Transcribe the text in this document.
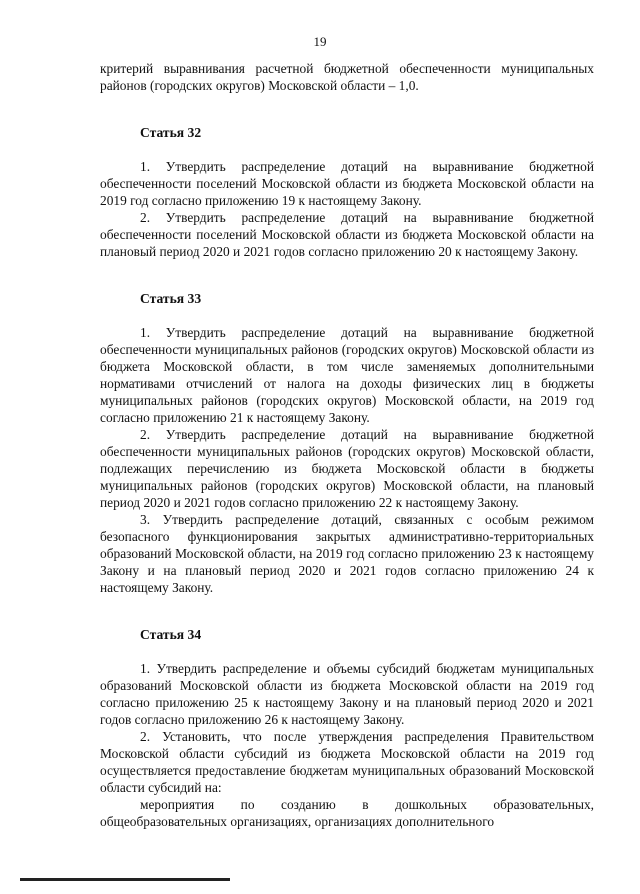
19

критерий выравнивания расчетной бюджетной обеспеченности муниципальных районов (городских округов) Московской области – 1,0.

Статья 32

1. Утвердить распределение дотаций на выравнивание бюджетной обеспеченности поселений Московской области из бюджета Московской области на 2019 год согласно приложению 19 к настоящему Закону.

2. Утвердить распределение дотаций на выравнивание бюджетной обеспеченности поселений Московской области из бюджета Московской области на плановый период 2020 и 2021 годов согласно приложению 20 к настоящему Закону.

Статья 33

1. Утвердить распределение дотаций на выравнивание бюджетной обеспеченности муниципальных районов (городских округов) Московской области из бюджета Московской области, в том числе заменяемых дополнительными нормативами отчислений от налога на доходы физических лиц в бюджеты муниципальных районов (городских округов) Московской области, на 2019 год согласно приложению 21 к настоящему Закону.

2. Утвердить распределение дотаций на выравнивание бюджетной обеспеченности муниципальных районов (городских округов) Московской области, подлежащих перечислению из бюджета Московской области в бюджеты муниципальных районов (городских округов) Московской области, на плановый период 2020 и 2021 годов согласно приложению 22 к настоящему Закону.

3. Утвердить распределение дотаций, связанных с особым режимом безопасного функционирования закрытых административно-территориальных образований Московской области, на 2019 год согласно приложению 23 к настоящему Закону и на плановый период 2020 и 2021 годов согласно приложению 24 к настоящему Закону.

Статья 34

1. Утвердить распределение и объемы субсидий бюджетам муниципальных образований Московской области из бюджета Московской области на 2019 год согласно приложению 25 к настоящему Закону и на плановый период 2020 и 2021 годов согласно приложению 26 к настоящему Закону.

2. Установить, что после утверждения распределения Правительством Московской области субсидий из бюджета Московской области на 2019 год осуществляется предоставление бюджетам муниципальных образований Московской области субсидий на:

мероприятия по созданию в дошкольных образовательных, общеобразовательных организациях, организациях дополнительного
